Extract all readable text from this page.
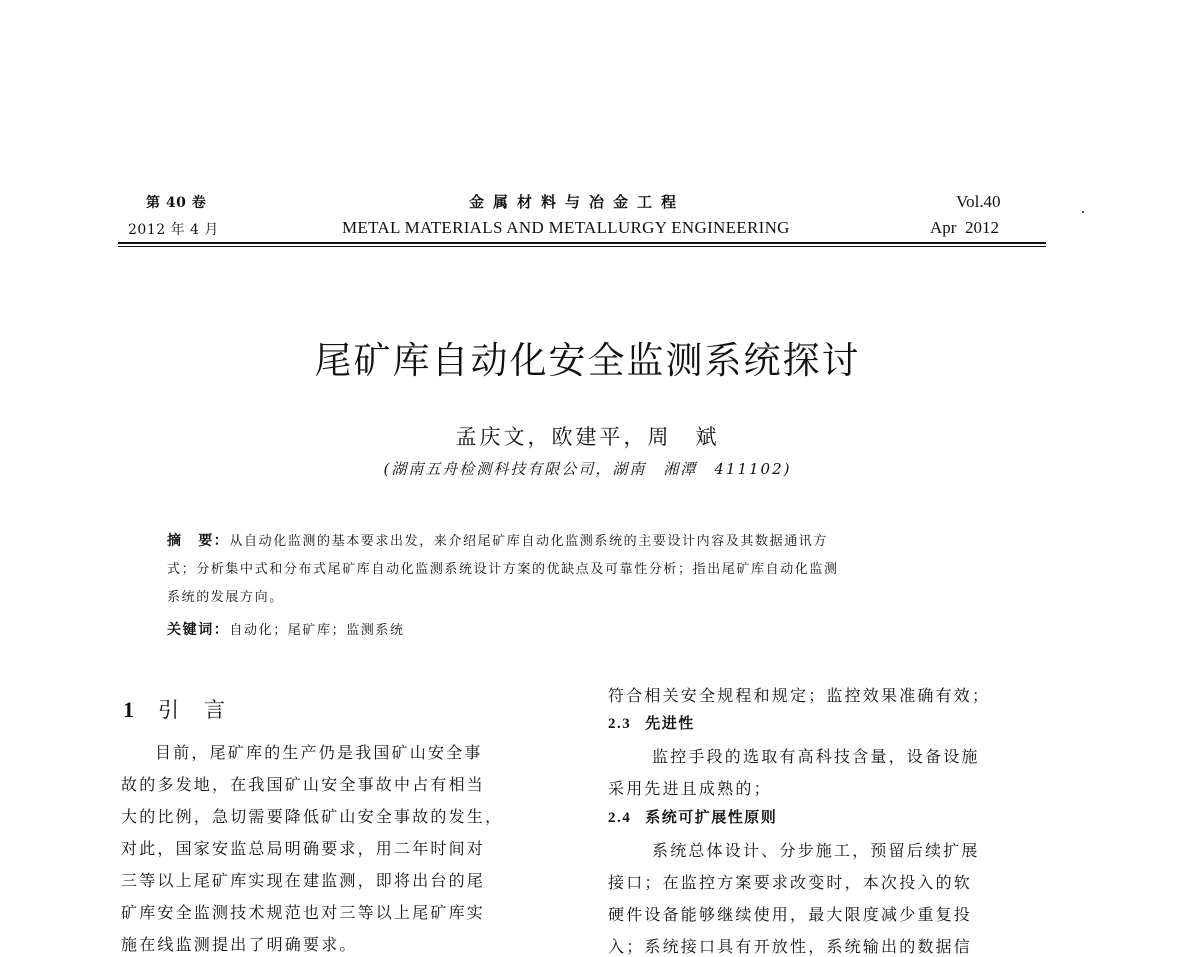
第 40 卷
2012 年 4 月
金属材料与冶金工程
METAL MATERIALS AND METALLURGY ENGINEERING
Vol.40
Apr  2012
尾矿库自动化安全监测系统探讨
孟庆文，欧建平，周　斌
(湖南五舟检测科技有限公司，湖南　湘潭　411102)
摘　要：从自动化监测的基本要求出发，来介绍尾矿库自动化监测系统的主要设计内容及其数据通讯方
式；分析集中式和分布式尾矿库自动化监测系统设计方案的优缺点及可靠性分析；指出尾矿库自动化监测
系统的发展方向。
关键词：自动化；尾矿库；监测系统
1 引　言
目前，尾矿库的生产仍是我国矿山安全事
故的多发地，在我国矿山安全事故中占有相当
大的比例，急切需要降低矿山安全事故的发生，
对此，国家安监总局明确要求，用二年时间对
三等以上尾矿库实现在建监测，即将出台的尾
矿库安全监测技术规范也对三等以上尾矿库实
施在线监测提出了明确要求。
符合相关安全规程和规定；监控效果准确有效；
2.3 先进性
监控手段的选取有高科技含量，设备设施
采用先进且成熟的；
2.4 系统可扩展性原则
系统总体设计、分步施工，预留后续扩展
接口；在监控方案要求改变时，本次投入的软
硬件设备能够继续使用，最大限度减少重复投
入；系统接口具有开放性，系统输出的数据信
